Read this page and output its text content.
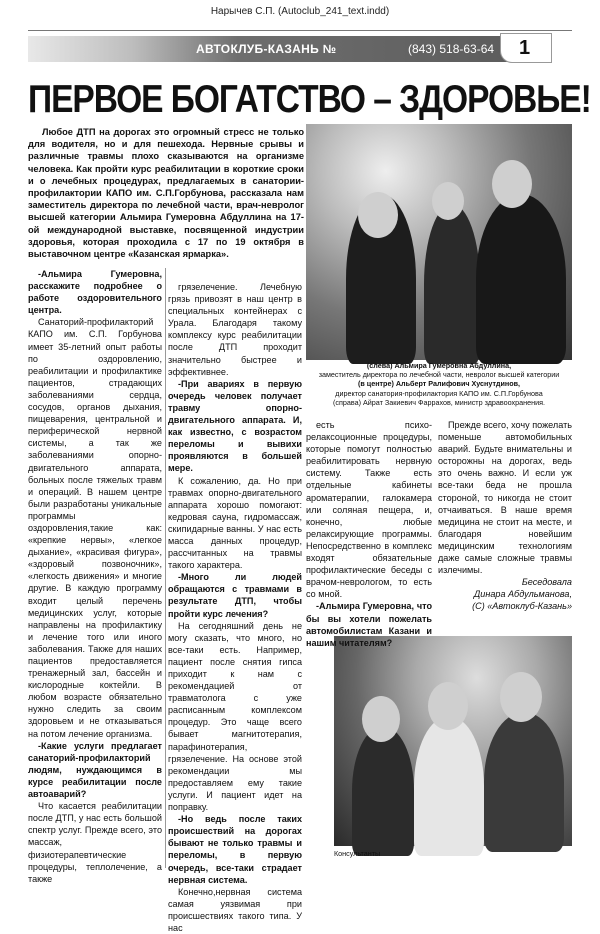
Нарычев С.П. (Autoclub_241_text.indd)
АВТОКЛУБ-КАЗАНЬ №	(843) 518-63-64 1
ПЕРВОЕ БОГАТСТВО – ЗДОРОВЬЕ!
Любое ДТП на дорогах это огромный стресс не только для водителя, но и для пешехода. Нервные срывы и различные травмы плохо сказываются на организме человека. Как пройти курс реабилитации в короткие сроки и о лечебных процедурах, предлагаемых в санатории-профилактории КАПО им. С.П.Горбунова, рассказала нам заместитель директора по лечебной части, врач-невролог высшей категории Альмира Гумеровна Абдуллина на 17-ой международной выставке, посвященной индустрии здоровья, которая проходила с 17 по 19 октября в выставочном центре «Казанская ярмарка».
(слева) Альмира Гумеровна Абдуллина,
заместитель директора по лечебной части, невролог высшей категории
(в центре) Альберт Ралифович Хуснутдинов,
директор санатория-профилактория КАПО им. С.П.Горбунова
(справа) Айрат Закиевич Фаррахов, министр здравоохранения.
Консультанты

-Альмира Гумеровна, расскажите подробнее о работе оздоровительного центра.

Санаторий-профилакторий КАПО им. С.П. Горбунова имеет 35-летний опыт работы по оздоровлению, реабилитации и профилактике пациентов, страдающих заболеваниями сердца, сосудов, органов дыхания, пищеварения, центральной и периферической нервной системы, а так же заболеваниями опорно-двигательного аппарата, больных после тяжелых травм и операций. В нашем центре были разработаны уникальные программы оздоровления,такие как: «крепкие нервы», «легкое дыхание», «красивая фигура», «здоровый позвоночник», «легкость движения» и многие другие. В каждую программу входит целый перечень медицинских услуг, которые направлены на профилактику и лечение того или иного заболевания. Также для наших пациентов предоставляется тренажерный зал, бассейн и кислородные коктейли. В любом возрасте обязательно нужно следить за своим здоровьем и не отказываться на потом лечение организма.

-Какие услуги предлагает санаторий-профилакторий людям, нуждающимся в курсе реабилитации после автоаварий?

Что касается реабилитации после ДТП, у нас есть большой спектр услуг. Прежде всего, это массаж, физиотерапевтические процедуры, теплолечение, а также

грязелечение. Лечебную грязь привозят в наш центр в специальных контейнерах с Урала. Благодаря такому комплексу курс реабилитации после ДТП проходит значительно быстрее и эффективнее.

-При авариях в первую очередь человек получает травму опорно-двигательного аппарата. И, как известно, с возрастом переломы и вывихи проявляются в большей мере.

К сожалению, да. Но при травмах опорно-двигательного аппарата хорошо помогают: кедровая сауна, гидромассаж, скипидарные ванны. У нас есть масса данных процедур, рассчитанных на травмы такого характера.

-Много ли людей обращаются с травмами в результате ДТП, чтобы пройти курс лечения?

На сегодняшний день не могу сказать, что много, но все-таки есть. Например, пациент после снятия гипса приходит к нам с рекомендацией от травматолога с уже расписанным комплексом процедур. Это чаще всего бывает магнитотерапия, парафинотерапия, грязелечение. На основе этой рекомендации мы предоставляем ему такие услуги. И пациент идет на поправку.

-Но ведь после таких происшествий на дорогах бывают не только травмы и переломы, в первую очередь, все-таки страдает нервная система.

Конечно,нервная система самая уязвимая при происшествиях такого типа. У нас

есть психо-релаксоционные процедуры, которые помогут полностью реабилитировать нервную систему. Также есть отдельные кабинеты ароматерапии, галокамера или соляная пещера, и, конечно, любые релаксирующие программы. Непосредственно в комплекс входят обязательные профилактические беседы с врачом-неврологом, то есть со мной.

-Альмира Гумеровна, что бы вы хотели пожелать автомобилистам Казани и нашим читателям?

Прежде всего, хочу пожелать поменьше автомобильных аварий. Будьте внимательны и осторожны на дорогах, ведь это очень важно. И если уж все-таки беда не прошла стороной, то никогда не стоит отчаиваться. В наше время медицина не стоит на месте, и благодаря новейшим медицинским технологиям даже самые сложные травмы излечимы.

Беседовала

Динара Абдульманова,

(С) «Автоклуб-Казань»
